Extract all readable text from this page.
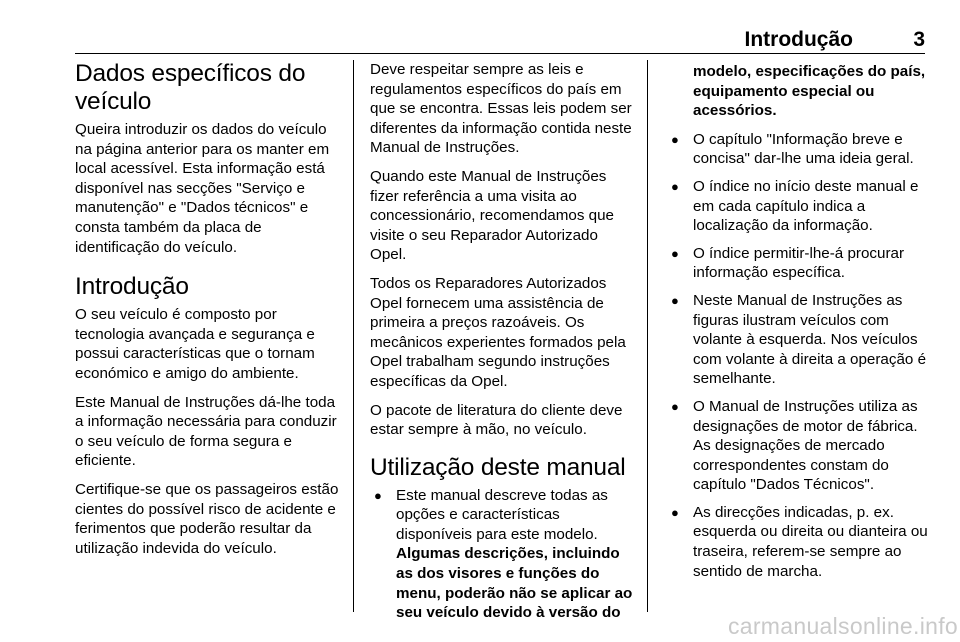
Introdução	3
Dados específicos do veículo

Queira introduzir os dados do veículo na página anterior para os manter em local acessível. Esta informação está disponível nas secções "Serviço e manutenção" e "Dados técnicos" e consta também da placa de identificação do veículo.

Introdução

O seu veículo é composto por tecnologia avançada e segurança e possui características que o tornam económico e amigo do ambiente.

Este Manual de Instruções dá-lhe toda a informação necessária para conduzir o seu veículo de forma segura e eficiente.

Certifique-se que os passageiros estão cientes do possível risco de acidente e ferimentos que poderão resultar da utilização indevida do veículo.

Deve respeitar sempre as leis e regulamentos específicos do país em que se encontra. Essas leis podem ser diferentes da informação contida neste Manual de Instruções.

Quando este Manual de Instruções fizer referência a uma visita ao concessionário, recomendamos que visite o seu Reparador Autorizado Opel.

Todos os Reparadores Autorizados Opel fornecem uma assistência de primeira a preços razoáveis. Os mecânicos experientes formados pela Opel trabalham segundo instruções específicas da Opel.

O pacote de literatura do cliente deve estar sempre à mão, no veículo.

Utilização deste manual
● Este manual descreve todas as opções e características disponíveis para este modelo.
Algumas descrições, incluindo as dos visores e funções do menu, poderão não se aplicar ao seu veículo devido à versão do
modelo, especificações do país, equipamento especial ou acessórios.
● O capítulo "Informação breve e concisa" dar-lhe uma ideia geral.
● O índice no início deste manual e em cada capítulo indica a localização da informação.
● O índice permitir-lhe-á procurar informação específica.
● Neste Manual de Instruções as figuras ilustram veículos com volante à esquerda. Nos veículos com volante à direita a operação é semelhante.
● O Manual de Instruções utiliza as designações de motor de fábrica. As designações de mercado correspondentes constam do capítulo "Dados Técnicos".
● As direcções indicadas, p. ex. esquerda ou direita ou dianteira ou traseira, referem-se sempre ao sentido de marcha.
carmanualsonline.info
